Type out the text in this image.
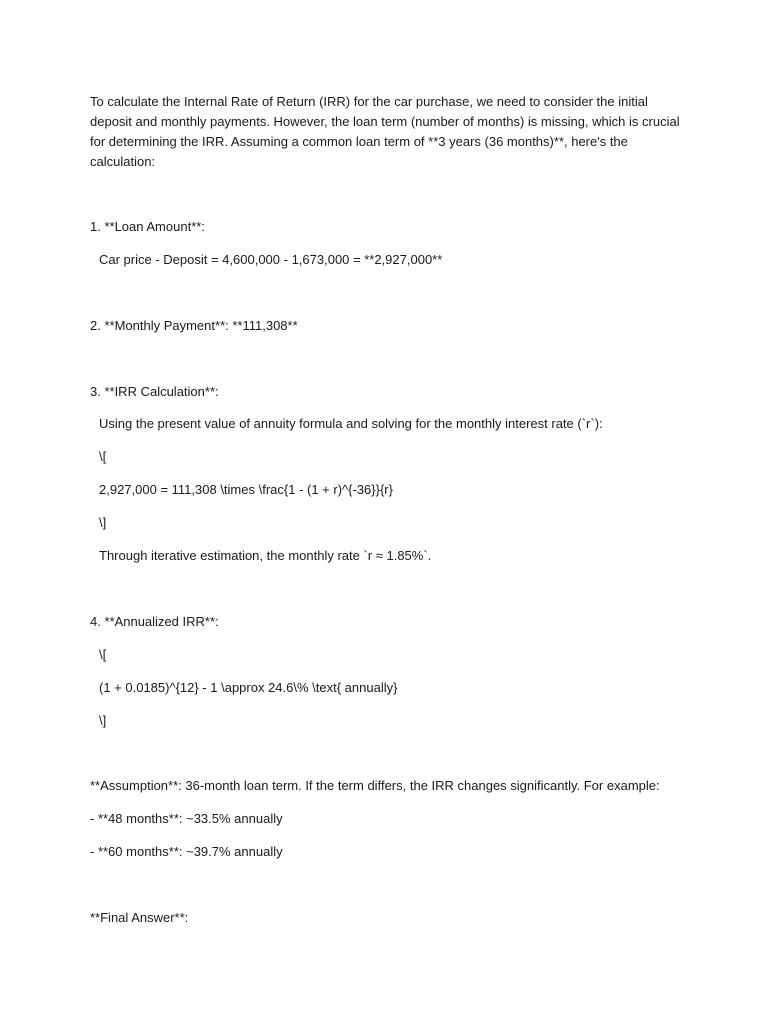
To calculate the Internal Rate of Return (IRR) for the car purchase, we need to consider the initial
deposit and monthly payments. However, the loan term (number of months) is missing, which is crucial
for determining the IRR. Assuming a common loan term of **3 years (36 months)**, here's the
calculation:
1. **Loan Amount**:
Car price - Deposit = 4,600,000 - 1,673,000 = **2,927,000**
2. **Monthly Payment**: **111,308**
3. **IRR Calculation**:
Using the present value of annuity formula and solving for the monthly interest rate (`r`):
\[
2,927,000 = 111,308 \times \frac{1 - (1 + r)^{-36}}{r}
\]
Through iterative estimation, the monthly rate `r ≈ 1.85%`.
4. **Annualized IRR**:
\[
(1 + 0.0185)^{12} - 1 \approx 24.6\% \text{ annually}
\]
**Assumption**: 36-month loan term. If the term differs, the IRR changes significantly. For example:
- **48 months**: ~33.5% annually
- **60 months**: ~39.7% annually
**Final Answer**:
